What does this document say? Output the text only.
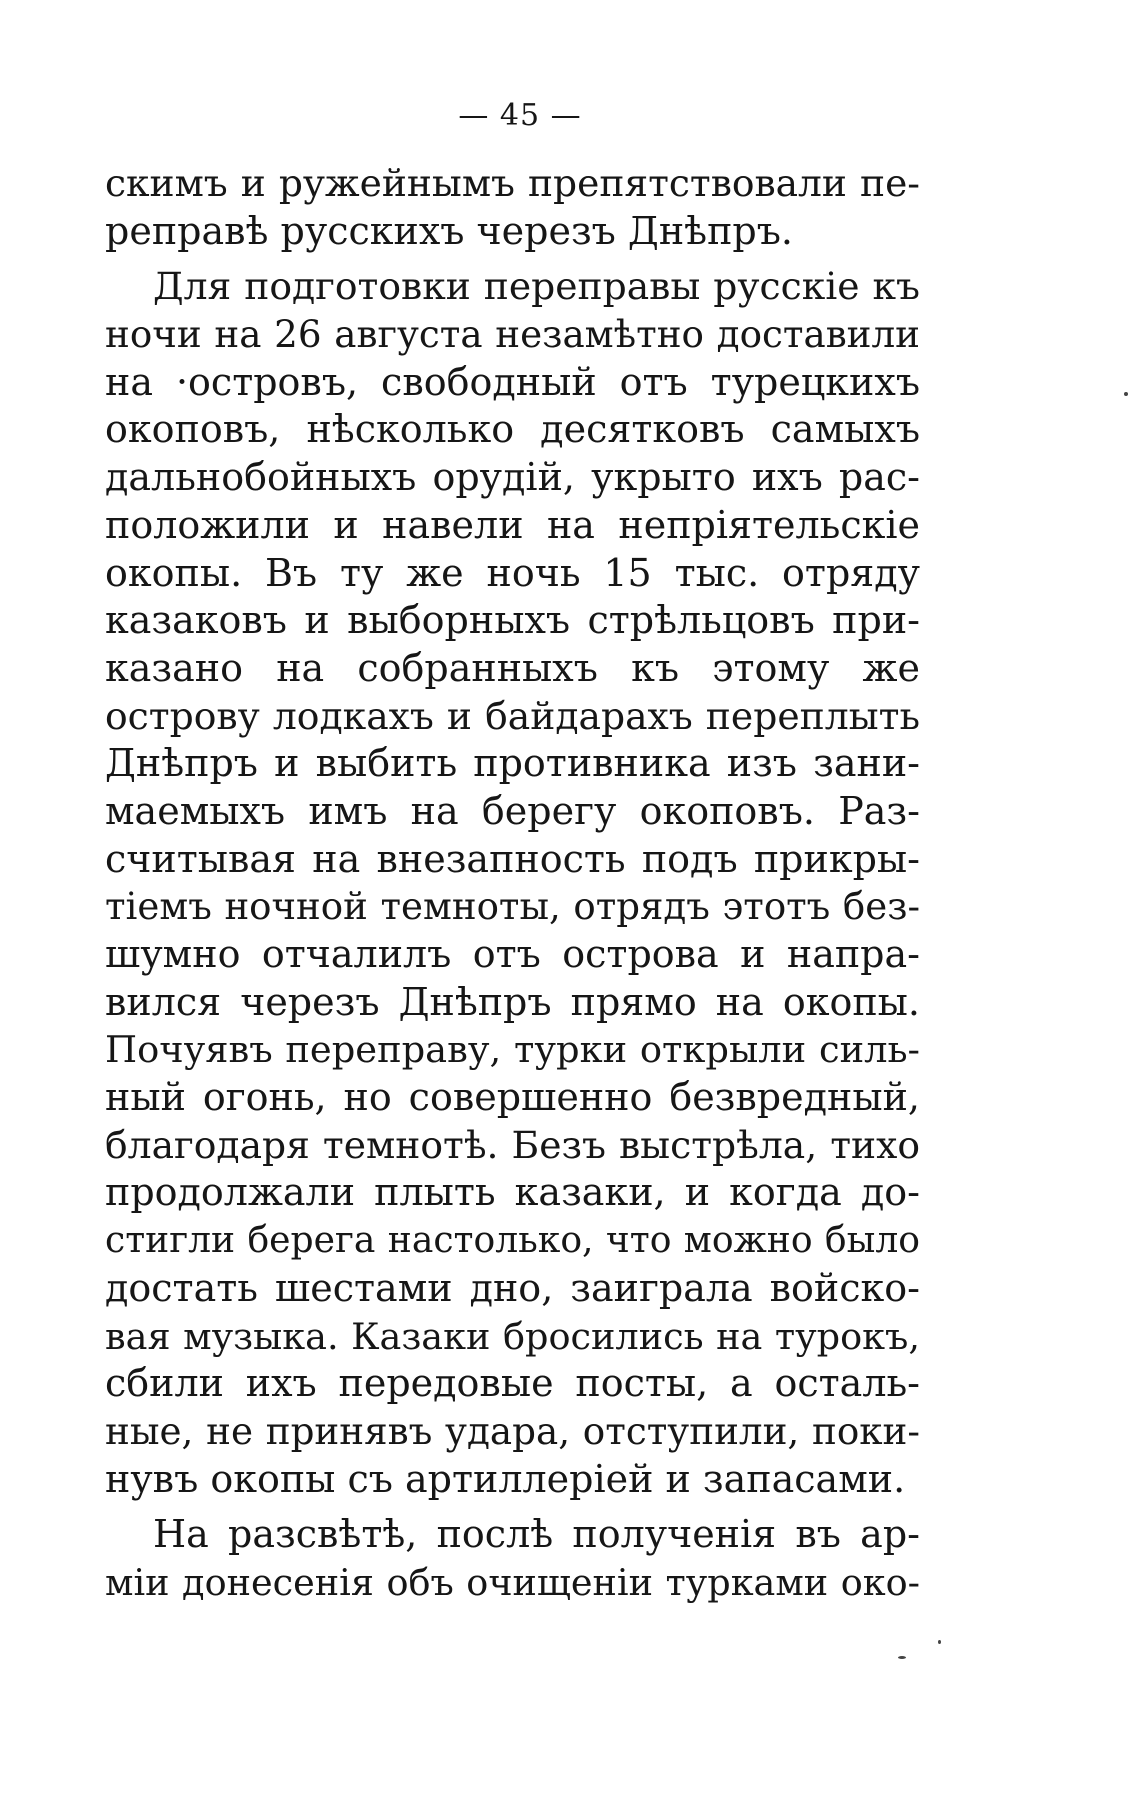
— 45 —
скимъ и ружейнымъ препятствовали пе-
реправѣ русскихъ черезъ Днѣпръ.
Для подготовки переправы русскiе къ
ночи на 26 августа незамѣтно доставили
на ·островъ, свободный отъ турецкихъ
окоповъ, нѣсколько десятковъ самыхъ
дальнобойныхъ орудiй, укрыто ихъ рас-
положили и навели на непрiятельскiе
окопы. Въ ту же ночь 15 тыс. отряду
казаковъ и выборныхъ стрѣльцовъ при-
казано на собранныхъ къ этому же
острову лодкахъ и байдарахъ переплыть
Днѣпръ и выбить противника изъ зани-
маемыхъ имъ на берегу окоповъ. Раз-
считывая на внезапность подъ прикры-
тiемъ ночной темноты, отрядъ этотъ без-
шумно отчалилъ отъ острова и напра-
вился черезъ Днѣпръ прямо на окопы.
Почуявъ переправу, турки открыли силь-
ный огонь, но совершенно безвредный,
благодаря темнотѣ. Безъ выстрѣла, тихо
продолжали плыть казаки, и когда до-
стигли берега настолько, что можно было
достать шестами дно, заиграла войско-
вая музыка. Казаки бросились на турокъ,
сбили ихъ передовые посты, а осталь-
ные, не принявъ удара, отступили, поки-
нувъ окопы съ артиллерiей и запасами.
На разсвѣтѣ, послѣ полученiя въ ар-
мiи донесенiя объ очищенiи турками око-
